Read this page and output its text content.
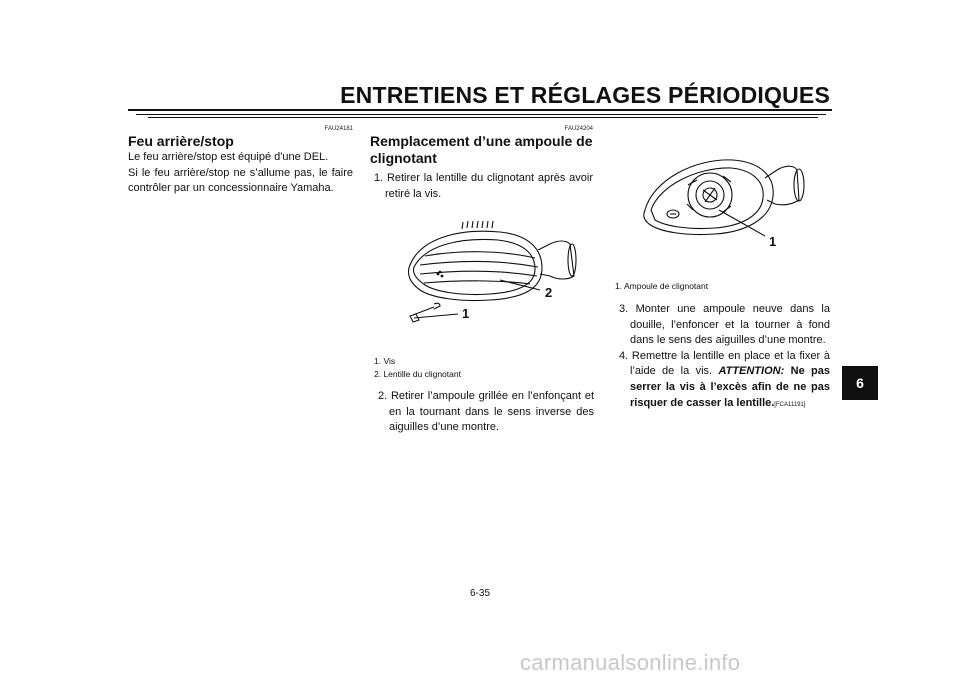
ENTRETIENS ET RÉGLAGES PÉRIODIQUES
FAU24181
Feu arrière/stop

Le feu arrière/stop est équipé d'une DEL.

Si le feu arrière/stop ne s’allume pas, le faire contrôler par un concessionnaire Yamaha.

FAU24204
Remplacement d’une ampoule de clignotant

1. Retirer la lentille du clignotant après avoir retiré la vis.

2
1
1. Vis
2. Lentille du clignotant

2. Retirer l’ampoule grillée en l’enfonçant et en la tournant dans le sens inverse des aiguilles d’une montre.

1
1. Ampoule de clignotant

3. Monter une ampoule neuve dans la douille, l’enfoncer et la tourner à fond dans le sens des aiguilles d’une montre.

4. Remettre la lentille en place et la fixer à l’aide de la vis. ATTENTION: Ne pas serrer la vis à l’excès afin de ne pas risquer de casser la lentille.[FCA11191]

6
6-35
carmanualsonline.info
